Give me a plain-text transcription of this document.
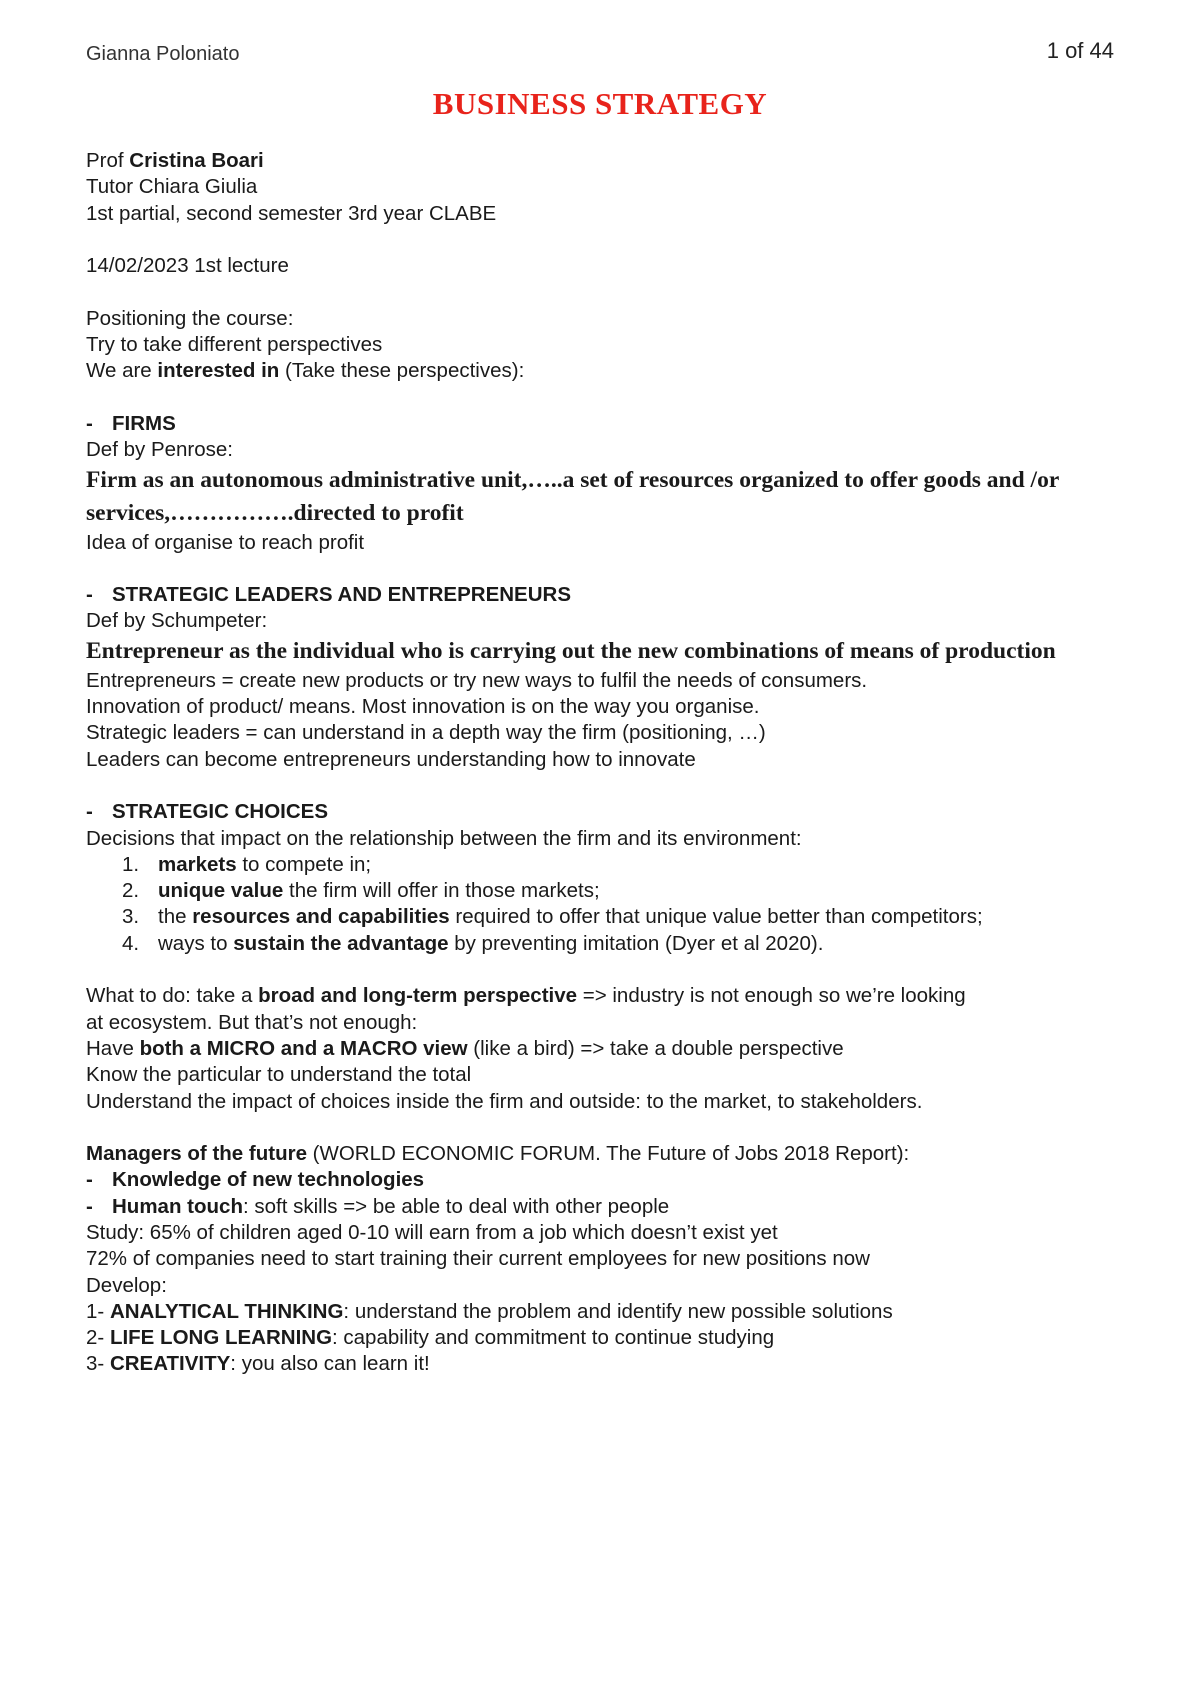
Gianna Poloniato	1 of 44
BUSINESS STRATEGY
Prof Cristina Boari
Tutor Chiara Giulia
1st partial, second semester 3rd year CLABE
14/02/2023 1st lecture
Positioning the course:
Try to take different perspectives
We are interested in (Take these perspectives):
- FIRMS
Def by Penrose:
Firm as an autonomous administrative unit,…..a set of resources organized to offer goods and /or services,…………….directed to profit
Idea of organise to reach profit
- STRATEGIC LEADERS AND ENTREPRENEURS
Def by Schumpeter:
Entrepreneur as the individual who is carrying out the new combinations of means of production
Entrepreneurs = create new products or try new ways to fulfil the needs of consumers.
Innovation of product/ means. Most innovation is on the way you organise.
Strategic leaders = can understand in a depth way the firm (positioning, …)
Leaders can become entrepreneurs understanding how to innovate
- STRATEGIC CHOICES
Decisions that impact on the relationship between the firm and its environment:
1. markets to compete in;
2. unique value the firm will offer in those markets;
3. the resources and capabilities required to offer that unique value better than competitors;
4. ways to sustain the advantage by preventing imitation (Dyer et al 2020).
What to do: take a broad and long-term perspective => industry is not enough so we’re looking
at ecosystem. But that’s not enough:
Have both a MICRO and a MACRO view (like a bird) => take a double perspective
Know the particular to understand the total
Understand the impact of choices inside the firm and outside: to the market, to stakeholders.
Managers of the future (WORLD ECONOMIC FORUM. The Future of Jobs 2018 Report):
- Knowledge of new technologies
- Human touch: soft skills => be able to deal with other people
Study: 65% of children aged 0-10 will earn from a job which doesn’t exist yet
72% of companies need to start training their current employees for new positions now
Develop:
1- ANALYTICAL THINKING: understand the problem and identify new possible solutions
2- LIFE LONG LEARNING: capability and commitment to continue studying
3- CREATIVITY: you also can learn it!
